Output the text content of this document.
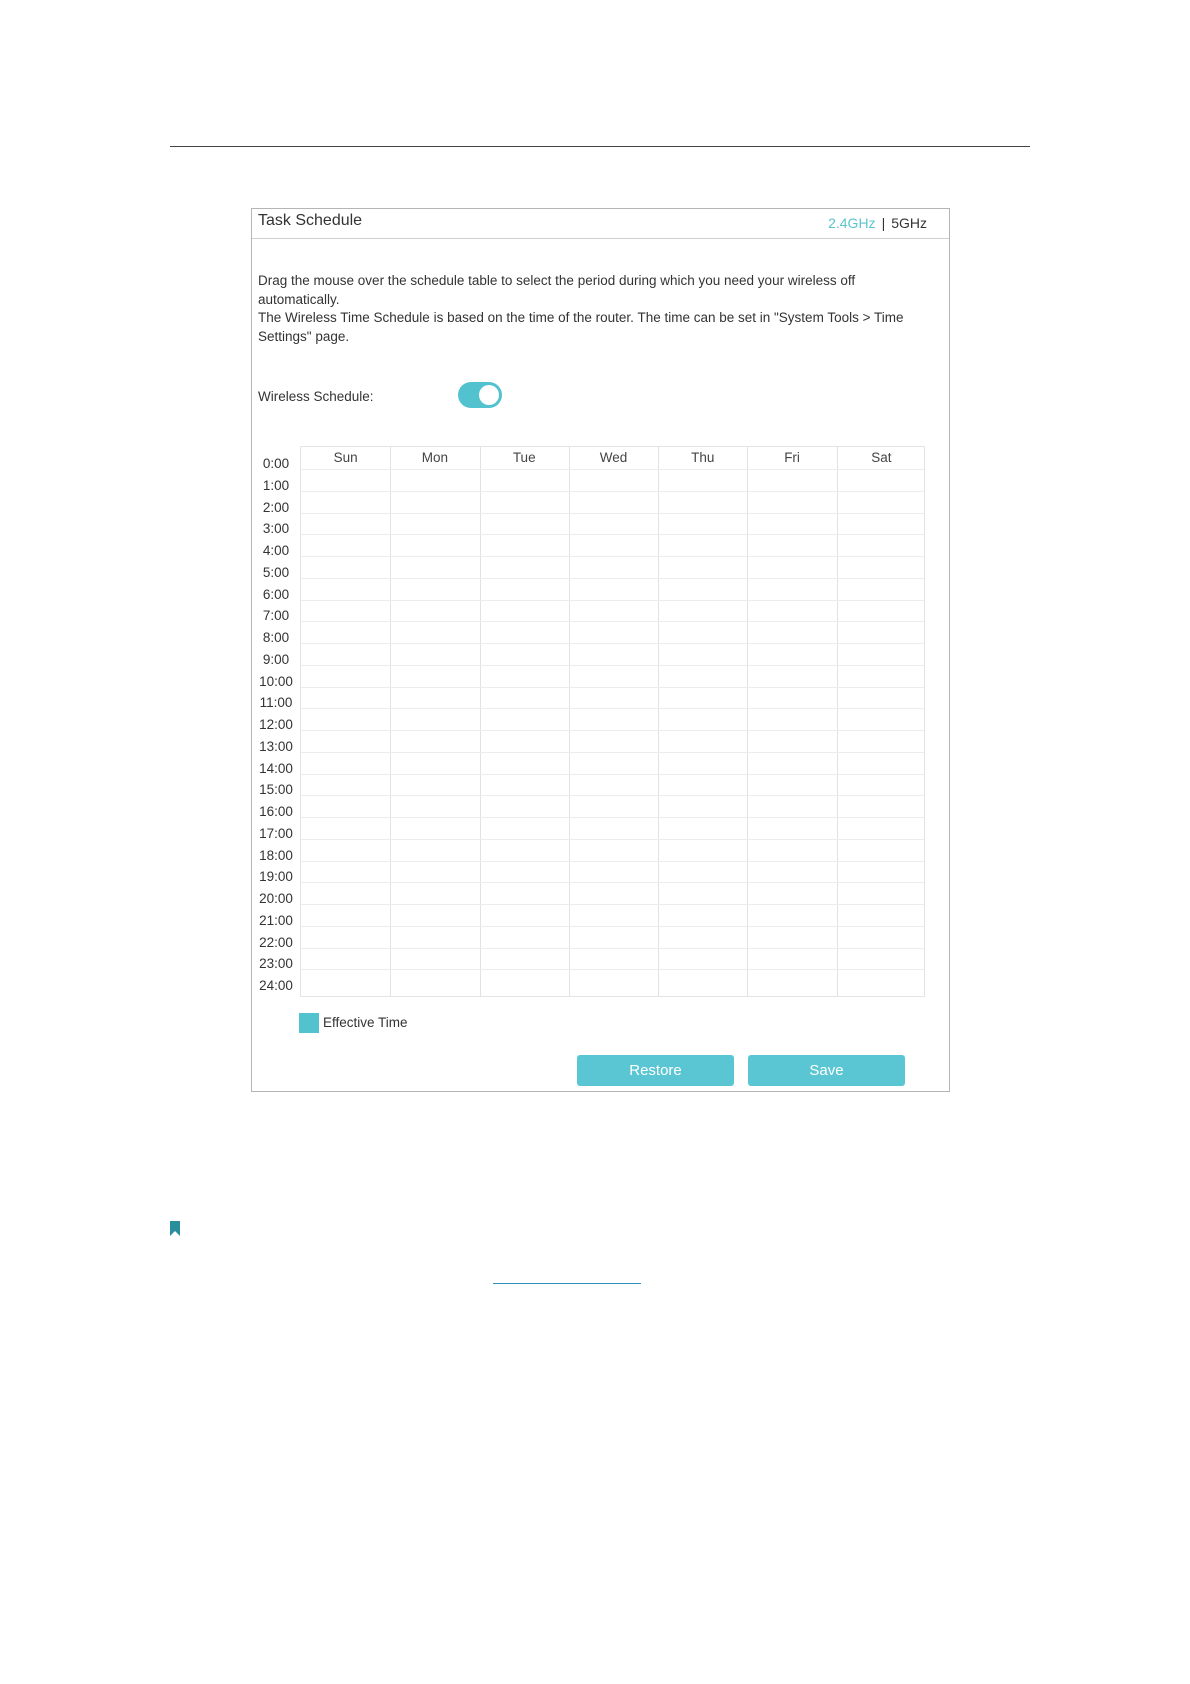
Task Schedule	2.4GHz | 5GHz
Drag the mouse over the schedule table to select the period during which you need your wireless off automatically.
The Wireless Time Schedule is based on the time of the router. The time can be set in "System Tools > Time Settings" page.
Wireless Schedule:
Sun	Mon	Tue	Wed	Thu	Fri	Sat
0:00
1:00
2:00
3:00
4:00
5:00
6:00
7:00
8:00
9:00
10:00
11:00
12:00
13:00
14:00
15:00
16:00
17:00
18:00
19:00
20:00
21:00
22:00
23:00
24:00
Effective Time
Restore	Save
